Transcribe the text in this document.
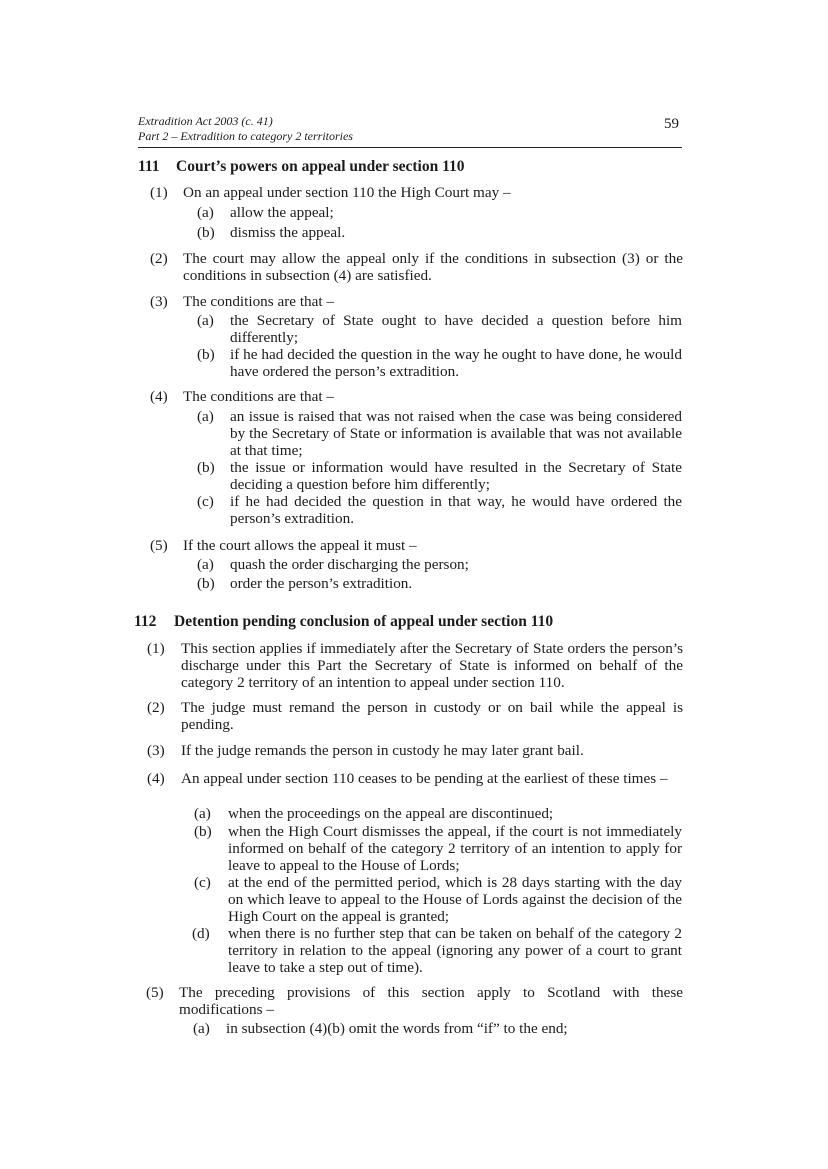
Extradition Act 2003 (c. 41)
Part 2 – Extradition to category 2 territories
59
111 Court’s powers on appeal under section 110
(1) On an appeal under section 110 the High Court may –
(a) allow the appeal;
(b) dismiss the appeal.
(2) The court may allow the appeal only if the conditions in subsection (3) or the conditions in subsection (4) are satisfied.
(3) The conditions are that –
(a) the Secretary of State ought to have decided a question before him differently;
(b) if he had decided the question in the way he ought to have done, he would have ordered the person’s extradition.
(4) The conditions are that –
(a) an issue is raised that was not raised when the case was being considered by the Secretary of State or information is available that was not available at that time;
(b) the issue or information would have resulted in the Secretary of State deciding a question before him differently;
(c) if he had decided the question in that way, he would have ordered the person’s extradition.
(5) If the court allows the appeal it must –
(a) quash the order discharging the person;
(b) order the person’s extradition.
112 Detention pending conclusion of appeal under section 110
(1) This section applies if immediately after the Secretary of State orders the person’s discharge under this Part the Secretary of State is informed on behalf of the category 2 territory of an intention to appeal under section 110.
(2) The judge must remand the person in custody or on bail while the appeal is pending.
(3) If the judge remands the person in custody he may later grant bail.
(4) An appeal under section 110 ceases to be pending at the earliest of these times –
(a) when the proceedings on the appeal are discontinued;
(b) when the High Court dismisses the appeal, if the court is not immediately informed on behalf of the category 2 territory of an intention to apply for leave to appeal to the House of Lords;
(c) at the end of the permitted period, which is 28 days starting with the day on which leave to appeal to the House of Lords against the decision of the High Court on the appeal is granted;
(d) when there is no further step that can be taken on behalf of the category 2 territory in relation to the appeal (ignoring any power of a court to grant leave to take a step out of time).
(5) The preceding provisions of this section apply to Scotland with these modifications –
(a) in subsection (4)(b) omit the words from “if” to the end;
